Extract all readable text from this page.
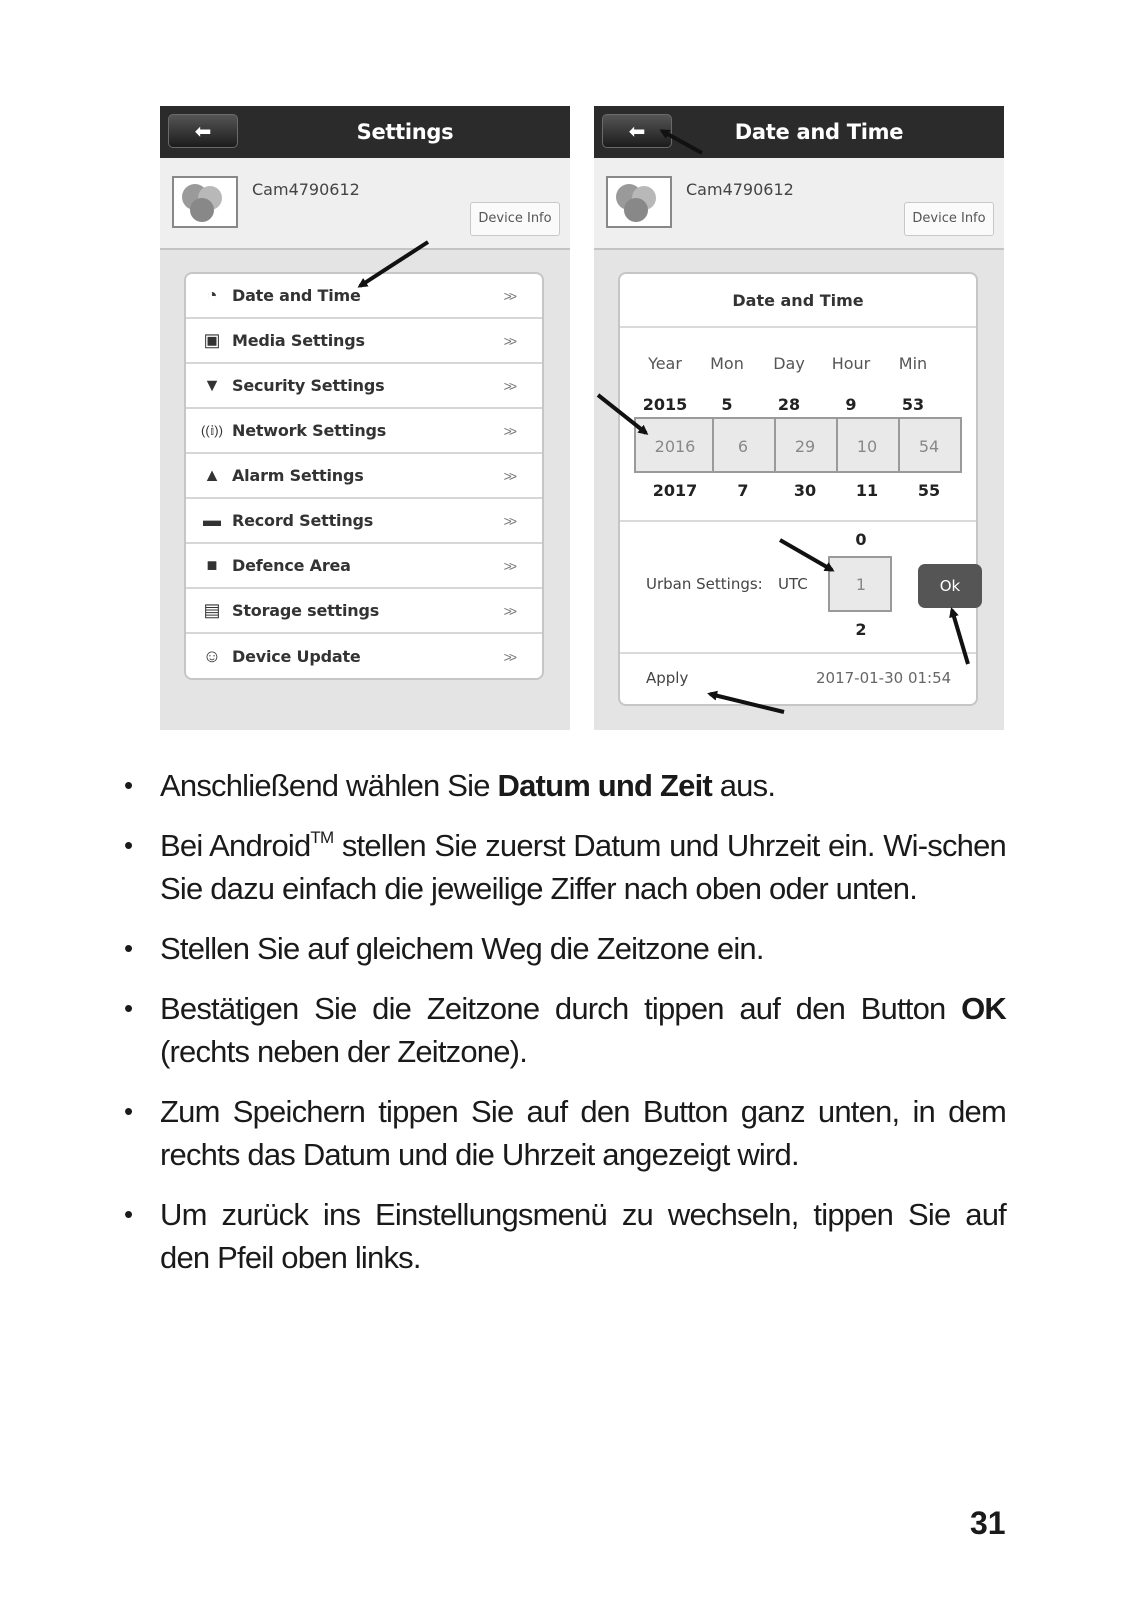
⬅	Settings
Cam4790612
Device Info
◔ Date and Time	>>
▣ Media Settings	>>
▼ Security Settings	>>
((𝕚)) Network Settings	>>
▲ Alarm Settings	>>
▬ Record Settings	>>
■ Defence Area	>>
▤ Storage settings	>>
☺ Device Update	>>
⬅	Date and Time
Cam4790612
Device Info
Date and Time
Year	Mon	Day	Hour	Min
2015	5	28	9	53
2016	6	29	10	54
2017	7	30	11	55
0
Urban Settings: UTC	1	Ok
2
Apply	2017-01-30 01:54
• Anschließend wählen Sie Datum und Zeit aus.
• Bei Android™ stellen Sie zuerst Datum und Uhrzeit ein. Wi-schen Sie dazu einfach die jeweilige Ziffer nach oben oder unten.
• Stellen Sie auf gleichem Weg die Zeitzone ein.
• Bestätigen Sie die Zeitzone durch tippen auf den Button OK (rechts neben der Zeitzone).
• Zum Speichern tippen Sie auf den Button ganz unten, in dem rechts das Datum und die Uhrzeit angezeigt wird.
• Um zurück ins Einstellungsmenü zu wechseln, tippen Sie auf den Pfeil oben links.
31
